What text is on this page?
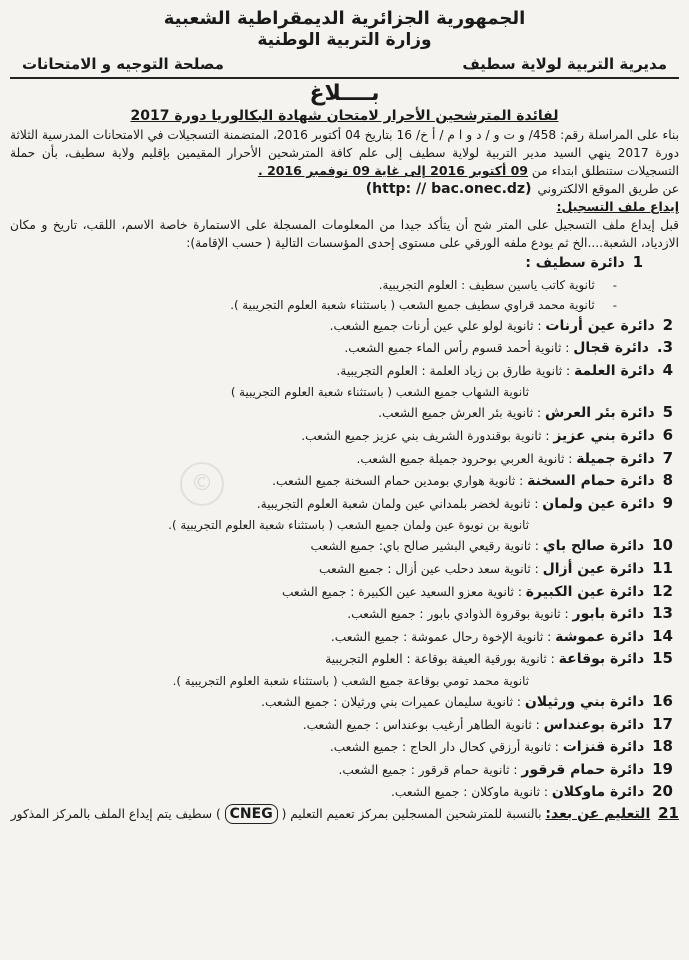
الجمهورية الجزائرية الديمقراطية الشعبية
وزارة التربية الوطنية
مديرية التربية لولاية سطيف
مصلحة التوجيه و الامتحانات
بــــلاغ
لفائدة المترشحين الأحرار لامتحان شهادة البكالوريا دورة 2017
بناء على المراسلة رقم: 458/ و ت و / د و ا م / أ خ/ 16 بتاريخ 04 أكتوبر 2016، المتضمنة التسجيلات في الامتحانات المدرسية الثلاثة دورة 2017 ينهي السيد مدير التربية لولاية سطيف إلى علم كافة المترشحين الأحرار المقيمين بإقليم ولاية سطيف، بأن حملة التسجيلات ستنطلق ابتداء من 09 أكتوبر 2016 إلى غاية 09 نوفمبر 2016 .
عن طريق الموقع الالكتروني
(http: // bac.onec.dz)
إيداع ملف التسجيل:
قبل إيداع ملف التسجيل على المتر شح أن يتأكد جيدا من المعلومات المسجلة على الاستمارة خاصة الاسم، اللقب، تاريخ و مكان الازدياد، الشعبة....الخ ثم يودع ملفه الورقي على مستوى إحدى المؤسسات التالية ( حسب الإقامة):
1 دائرة سطيف :
-ثانوية كاتب ياسين سطيف : العلوم التجريبية.
-ثانوية محمد قراوي سطيف جميع الشعب ( باستثناء شعبة العلوم التجريبية ).
2 دائرة عين أرنات : ثانوية لولو علي عين أرنات جميع الشعب.
3. دائرة قجال : ثانوية أحمد قسوم رأس الماء جميع الشعب.
4 دائرة العلمة : ثانوية طارق بن زياد العلمة : العلوم التجريبية.
ثانوية الشهاب جميع الشعب ( باستثناء شعبة العلوم التجريبية )
5 دائرة بئر العرش : ثانوية بئر العرش جميع الشعب.
6 دائرة بني عزيز : ثانوية بوقندورة الشريف بني عزيز جميع الشعب.
7 دائرة جميلة : ثانوية العربي بوحرود جميلة جميع الشعب.
8 دائرة حمام السخنة : ثانوية هواري بومدين حمام السخنة جميع الشعب.
9 دائرة عين ولمان : ثانوية لخضر بلمداني عين ولمان شعبة العلوم التجريبية.
ثانوية بن نويوة عين ولمان جميع الشعب ( باستثناء شعبة العلوم التجريبية ).
10 دائرة صالح باي : ثانوية رقيعي البشير صالح باي: جميع الشعب
11 دائرة عين أزال : ثانوية سعد دحلب عين أزال : جميع الشعب
12 دائرة عين الكبيرة : ثانوية معزو السعيد عين الكبيرة : جميع الشعب
13 دائرة بابور : ثانوية بوقروة الذوادي بابور : جميع الشعب.
14 دائرة عموشة : ثانوية الإخوة رحال عموشة : جميع الشعب.
15 دائرة بوقاعة : ثانوية بورقية العيفة بوقاعة : العلوم التجريبية
ثانوية محمد تومي بوقاعة جميع الشعب ( باستثناء شعبة العلوم التجريبية ).
16 دائرة بني ورثيلان : ثانوية سليمان عميرات بني ورثيلان : جميع الشعب.
17 دائرة بوعنداس : ثانوية الطاهر أرغيب بوعنداس : جميع الشعب.
18 دائرة قنزات : ثانوية أرزقي كحال دار الحاج : جميع الشعب.
19 دائرة حمام قرقور : ثانوية حمام قرقور : جميع الشعب.
20 دائرة ماوكلان : ثانوية ماوكلان : جميع الشعب.
21 التعليم عن بعد: بالنسبة للمترشحين المسجلين بمركز تعميم التعليم ( CNEG ) سطيف يتم إيداع الملف بالمركز المذكور
©
